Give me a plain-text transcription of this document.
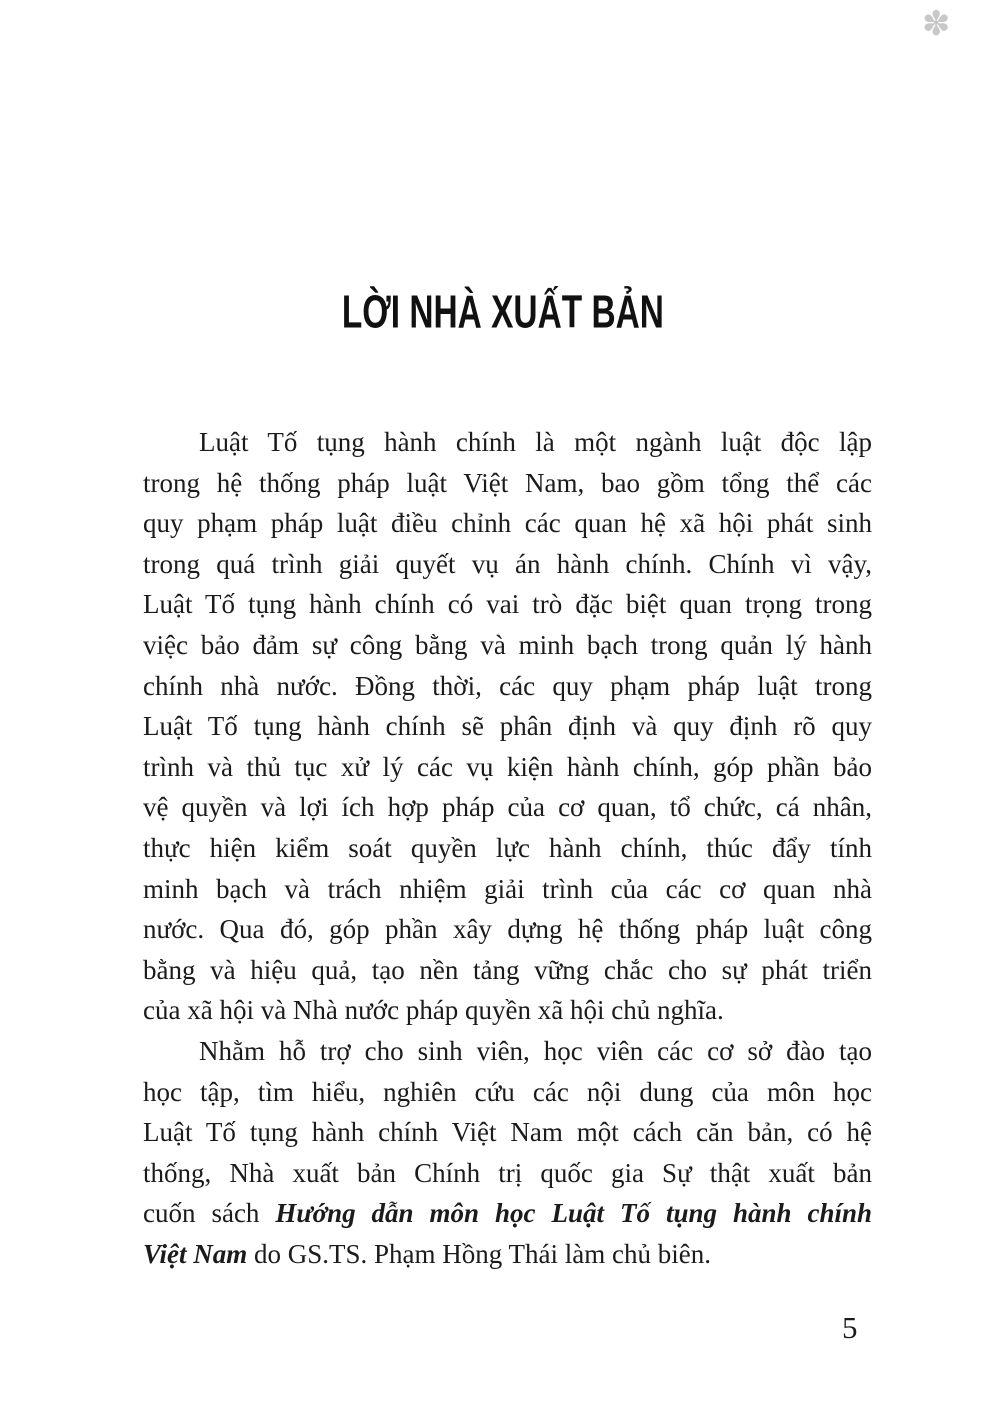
✽
LỜI NHÀ XUẤT BẢN
Luật Tố tụng hành chính là một ngành luật độc lập
trong hệ thống pháp luật Việt Nam, bao gồm tổng thể các
quy phạm pháp luật điều chỉnh các quan hệ xã hội phát sinh
trong quá trình giải quyết vụ án hành chính. Chính vì vậy,
Luật Tố tụng hành chính có vai trò đặc biệt quan trọng trong
việc bảo đảm sự công bằng và minh bạch trong quản lý hành
chính nhà nước. Đồng thời, các quy phạm pháp luật trong
Luật Tố tụng hành chính sẽ phân định và quy định rõ quy
trình và thủ tục xử lý các vụ kiện hành chính, góp phần bảo
vệ quyền và lợi ích hợp pháp của cơ quan, tổ chức, cá nhân,
thực hiện kiểm soát quyền lực hành chính, thúc đẩy tính
minh bạch và trách nhiệm giải trình của các cơ quan nhà
nước. Qua đó, góp phần xây dựng hệ thống pháp luật công
bằng và hiệu quả, tạo nền tảng vững chắc cho sự phát triển
của xã hội và Nhà nước pháp quyền xã hội chủ nghĩa.
Nhằm hỗ trợ cho sinh viên, học viên các cơ sở đào tạo
học tập, tìm hiểu, nghiên cứu các nội dung của môn học
Luật Tố tụng hành chính Việt Nam một cách căn bản, có hệ
thống, Nhà xuất bản Chính trị quốc gia Sự thật xuất bản
cuốn sách Hướng dẫn môn học Luật Tố tụng hành chính
Việt Nam do GS.TS. Phạm Hồng Thái làm chủ biên.
5
